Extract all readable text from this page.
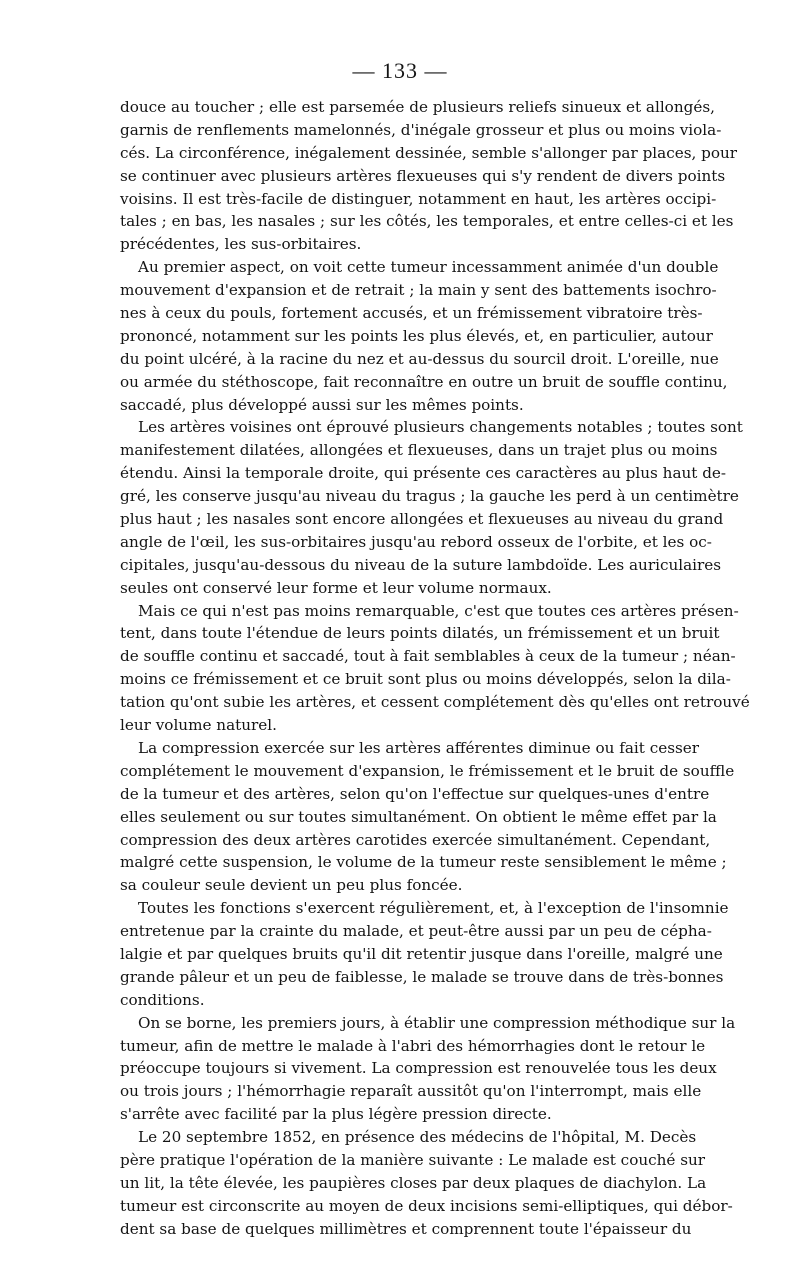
— 133 —
douce au toucher ; elle est parsemée de plusieurs reliefs sinueux et allongés,
garnis de renflements mamelonnés, d'inégale grosseur et plus ou moins viola-
cés. La circonférence, inégalement dessinée, semble s'allonger par places, pour
se continuer avec plusieurs artères flexueuses qui s'y rendent de divers points
voisins. Il est très-facile de distinguer, notamment en haut, les artères occipi-
tales ; en bas, les nasales ; sur les côtés, les temporales, et entre celles-ci et les
précédentes, les sus-orbitaires.
Au premier aspect, on voit cette tumeur incessamment animée d'un double
mouvement d'expansion et de retrait ; la main y sent des battements isochro-
nes à ceux du pouls, fortement accusés, et un frémissement vibratoire très-
prononcé, notamment sur les points les plus élevés, et, en particulier, autour
du point ulcéré, à la racine du nez et au-dessus du sourcil droit. L'oreille, nue
ou armée du stéthoscope, fait reconnaître en outre un bruit de souffle continu,
saccadé, plus développé aussi sur les mêmes points.
Les artères voisines ont éprouvé plusieurs changements notables ; toutes sont
manifestement dilatées, allongées et flexueuses, dans un trajet plus ou moins
étendu. Ainsi la temporale droite, qui présente ces caractères au plus haut de-
gré, les conserve jusqu'au niveau du tragus ; la gauche les perd à un centimètre
plus haut ; les nasales sont encore allongées et flexueuses au niveau du grand
angle de l'œil, les sus-orbitaires jusqu'au rebord osseux de l'orbite, et les oc-
cipitales, jusqu'au-dessous du niveau de la suture lambdoïde. Les auriculaires
seules ont conservé leur forme et leur volume normaux.
Mais ce qui n'est pas moins remarquable, c'est que toutes ces artères présen-
tent, dans toute l'étendue de leurs points dilatés, un frémissement et un bruit
de souffle continu et saccadé, tout à fait semblables à ceux de la tumeur ; néan-
moins ce frémissement et ce bruit sont plus ou moins développés, selon la dila-
tation qu'ont subie les artères, et cessent complétement dès qu'elles ont retrouvé
leur volume naturel.
La compression exercée sur les artères afférentes diminue ou fait cesser
complétement le mouvement d'expansion, le frémissement et le bruit de souffle
de la tumeur et des artères, selon qu'on l'effectue sur quelques-unes d'entre
elles seulement ou sur toutes simultanément. On obtient le même effet par la
compression des deux artères carotides exercée simultanément. Cependant,
malgré cette suspension, le volume de la tumeur reste sensiblement le même ;
sa couleur seule devient un peu plus foncée.
Toutes les fonctions s'exercent régulièrement, et, à l'exception de l'insomnie
entretenue par la crainte du malade, et peut-être aussi par un peu de cépha-
lalgie et par quelques bruits qu'il dit retentir jusque dans l'oreille, malgré une
grande pâleur et un peu de faiblesse, le malade se trouve dans de très-bonnes
conditions.
On se borne, les premiers jours, à établir une compression méthodique sur la
tumeur, afin de mettre le malade à l'abri des hémorrhagies dont le retour le
préoccupe toujours si vivement. La compression est renouvelée tous les deux
ou trois jours ; l'hémorrhagie reparaît aussitôt qu'on l'interrompt, mais elle
s'arrête avec facilité par la plus légère pression directe.
Le 20 septembre 1852, en présence des médecins de l'hôpital, M. Decès
père pratique l'opération de la manière suivante : Le malade est couché sur
un lit, la tête élevée, les paupières closes par deux plaques de diachylon. La
tumeur est circonscrite au moyen de deux incisions semi-elliptiques, qui débor-
dent sa base de quelques millimètres et comprennent toute l'épaisseur du
